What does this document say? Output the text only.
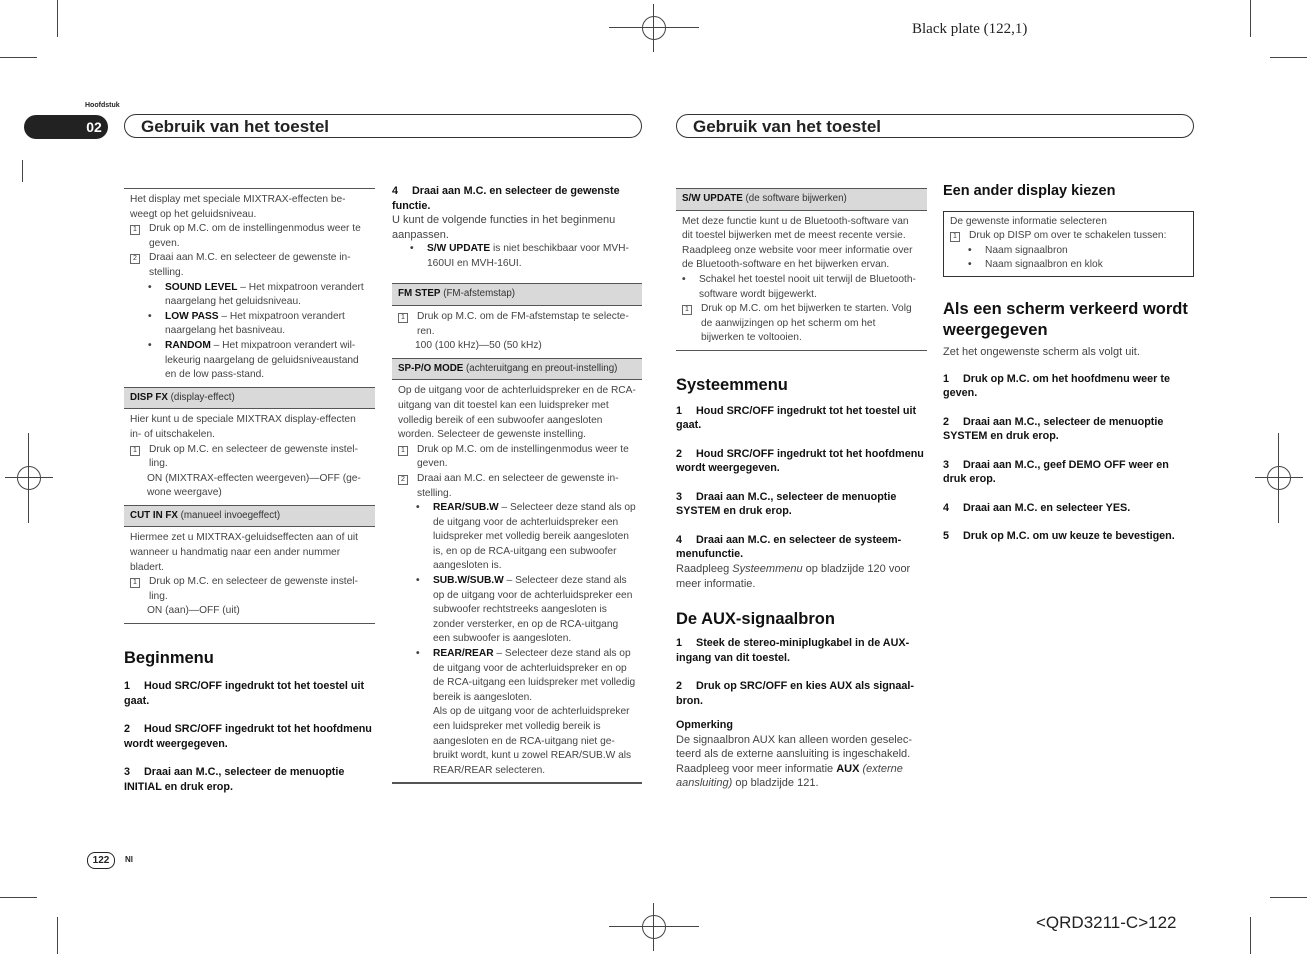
Black plate (122,1)
<QRD3211-C>122
Hoofdstuk
02	Gebruik van het toestel	Gebruik van het toestel

Het display met speciale MIXTRAX-effecten beweegt op het geluidsniveau.

1 Druk op M.C. om de instellingenmodus weer te geven.
2 Draai aan M.C. en selecteer de gewenste instelling.
•	SOUND LEVEL – Het mixpatroon verandert naargelang het geluidsniveau.
•	LOW PASS – Het mixpatroon verandert naargelang het basniveau.
•	RANDOM – Het mixpatroon verandert willekeurig naargelang de geluidsniveaustand en de low pass-stand.
DISP FX (display-effect)

Hier kunt u de speciale MIXTRAX display-effecten in- of uitschakelen.

1 Druk op M.C. en selecteer de gewenste instelling.

ON (MIXTRAX-effecten weergeven)—OFF (gewone weergave)

CUT IN FX (manueel invoegeffect)

Hiermee zet u MIXTRAX-geluidseffecten aan of uit wanneer u handmatig naar een ander nummer bladert.

1 Druk op M.C. en selecteer de gewenste instelling.

ON (aan)—OFF (uit)

Beginmenu
1 Houd SRC/OFF ingedrukt tot het toestel uit gaat.
2 Houd SRC/OFF ingedrukt tot het hoofdmenu wordt weergegeven.
3 Draai aan M.C., selecteer de menuoptie INITIAL en druk erop.
4 Draai aan M.C. en selecteer de gewenste functie.

U kunt de volgende functies in het beginmenu aanpassen.

•	S/W UPDATE is niet beschikbaar voor MVH-160UI en MVH-16UI.
FM STEP (FM-afstemstap)
1 Druk op M.C. om de FM-afstemstap te selecteren.

100 (100 kHz)—50 (50 kHz)

SP-P/O MODE (achteruitgang en preout-instelling)

Op de uitgang voor de achterluidspreker en de RCA-uitgang van dit toestel kan een luidspreker met volledig bereik of een subwoofer aangesloten worden. Selecteer de gewenste instelling.

1 Druk op M.C. om de instellingenmodus weer te geven.
2 Draai aan M.C. en selecteer de gewenste instelling.
•	REAR/SUB.W – Selecteer deze stand als op de uitgang voor de achterluidspreker een luidspreker met volledig bereik aangesloten is, en op de RCA-uitgang een subwoofer aangesloten is.
•	SUB.W/SUB.W – Selecteer deze stand als op de uitgang voor de achterluidspreker een subwoofer rechtstreeks aangesloten is zonder versterker, en op de RCA-uitgang een subwoofer is aangesloten.
•	REAR/REAR – Selecteer deze stand als op de uitgang voor de achterluidspreker en op de RCA-uitgang een luidspreker met volledig bereik is aangesloten.
Als op de uitgang voor de achterluidspreker een luidspreker met volledig bereik is aangesloten en de RCA-uitgang niet gebruikt wordt, kunt u zowel REAR/SUB.W als REAR/REAR selecteren.
S/W UPDATE (de software bijwerken)

Met deze functie kunt u de Bluetooth-software van dit toestel bijwerken met de meest recente versie. Raadpleeg onze website voor meer informatie over de Bluetooth-software en het bijwerken ervan.

•	Schakel het toestel nooit uit terwijl de Bluetooth-software wordt bijgewerkt.
1 Druk op M.C. om het bijwerken te starten. Volg de aanwijzingen op het scherm om het bijwerken te voltooien.
Systeemmenu
1 Houd SRC/OFF ingedrukt tot het toestel uit gaat.
2 Houd SRC/OFF ingedrukt tot het hoofdmenu wordt weergegeven.
3 Draai aan M.C., selecteer de menuoptie SYSTEM en druk erop.
4 Draai aan M.C. en selecteer de systeemmenufunctie.

Raadpleeg Systeemmenu op bladzijde 120 voor meer informatie.

De AUX-signaalbron
1 Steek de stereo-miniplugkabel in de AUX-ingang van dit toestel.
2 Druk op SRC/OFF en kies AUX als signaalbron.
Opmerking

De signaalbron AUX kan alleen worden geselecteerd als de externe aansluiting is ingeschakeld. Raadpleeg voor meer informatie AUX (externe aansluiting) op bladzijde 121.

Een ander display kiezen

De gewenste informatie selecteren

1 Druk op DISP om over te schakelen tussen:
•	Naam signaalbron
•	Naam signaalbron en klok
Als een scherm verkeerd wordt weergegeven

Zet het ongewenste scherm als volgt uit.

1 Druk op M.C. om het hoofdmenu weer te geven.
2 Draai aan M.C., selecteer de menuoptie SYSTEM en druk erop.
3 Draai aan M.C., geef DEMO OFF weer en druk erop.
4 Draai aan M.C. en selecteer YES.
5 Druk op M.C. om uw keuze te bevestigen.
122	Nl
